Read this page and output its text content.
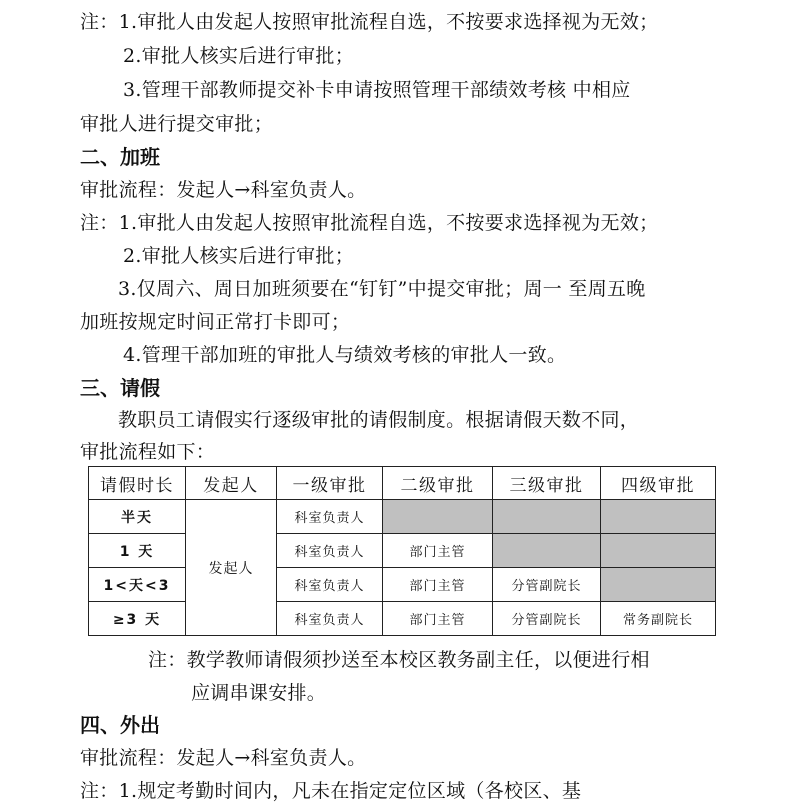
注：1.审批人由发起人按照审批流程自选，不按要求选择视为无效；
2.审批人核实后进行审批；
3.管理干部教师提交补卡申请按照管理干部绩效考核 中相应
审批人进行提交审批；
二、加班
审批流程：发起人→科室负责人。
注：1.审批人由发起人按照审批流程自选，不按要求选择视为无效；
2.审批人核实后进行审批；
3.仅周六、周日加班须要在“钉钉”中提交审批；周一 至周五晚
加班按规定时间正常打卡即可；
4.管理干部加班的审批人与绩效考核的审批人一致。
三、请假
教职员工请假实行逐级审批的请假制度。根据请假天数不同，
审批流程如下：
请假时长	发起人	一级审批	二级审批	三级审批	四级审批
半天	发起人	科室负责人			
1 天		科室负责人	部门主管		
1<天<3		科室负责人	部门主管	分管副院长	
≥3 天		科室负责人	部门主管	分管副院长	常务副院长
注：教学教师请假须抄送至本校区教务副主任，以便进行相
应调串课安排。
四、外出
审批流程：发起人→科室负责人。
注：1.规定考勤时间内，凡未在指定定位区域（各校区、基
